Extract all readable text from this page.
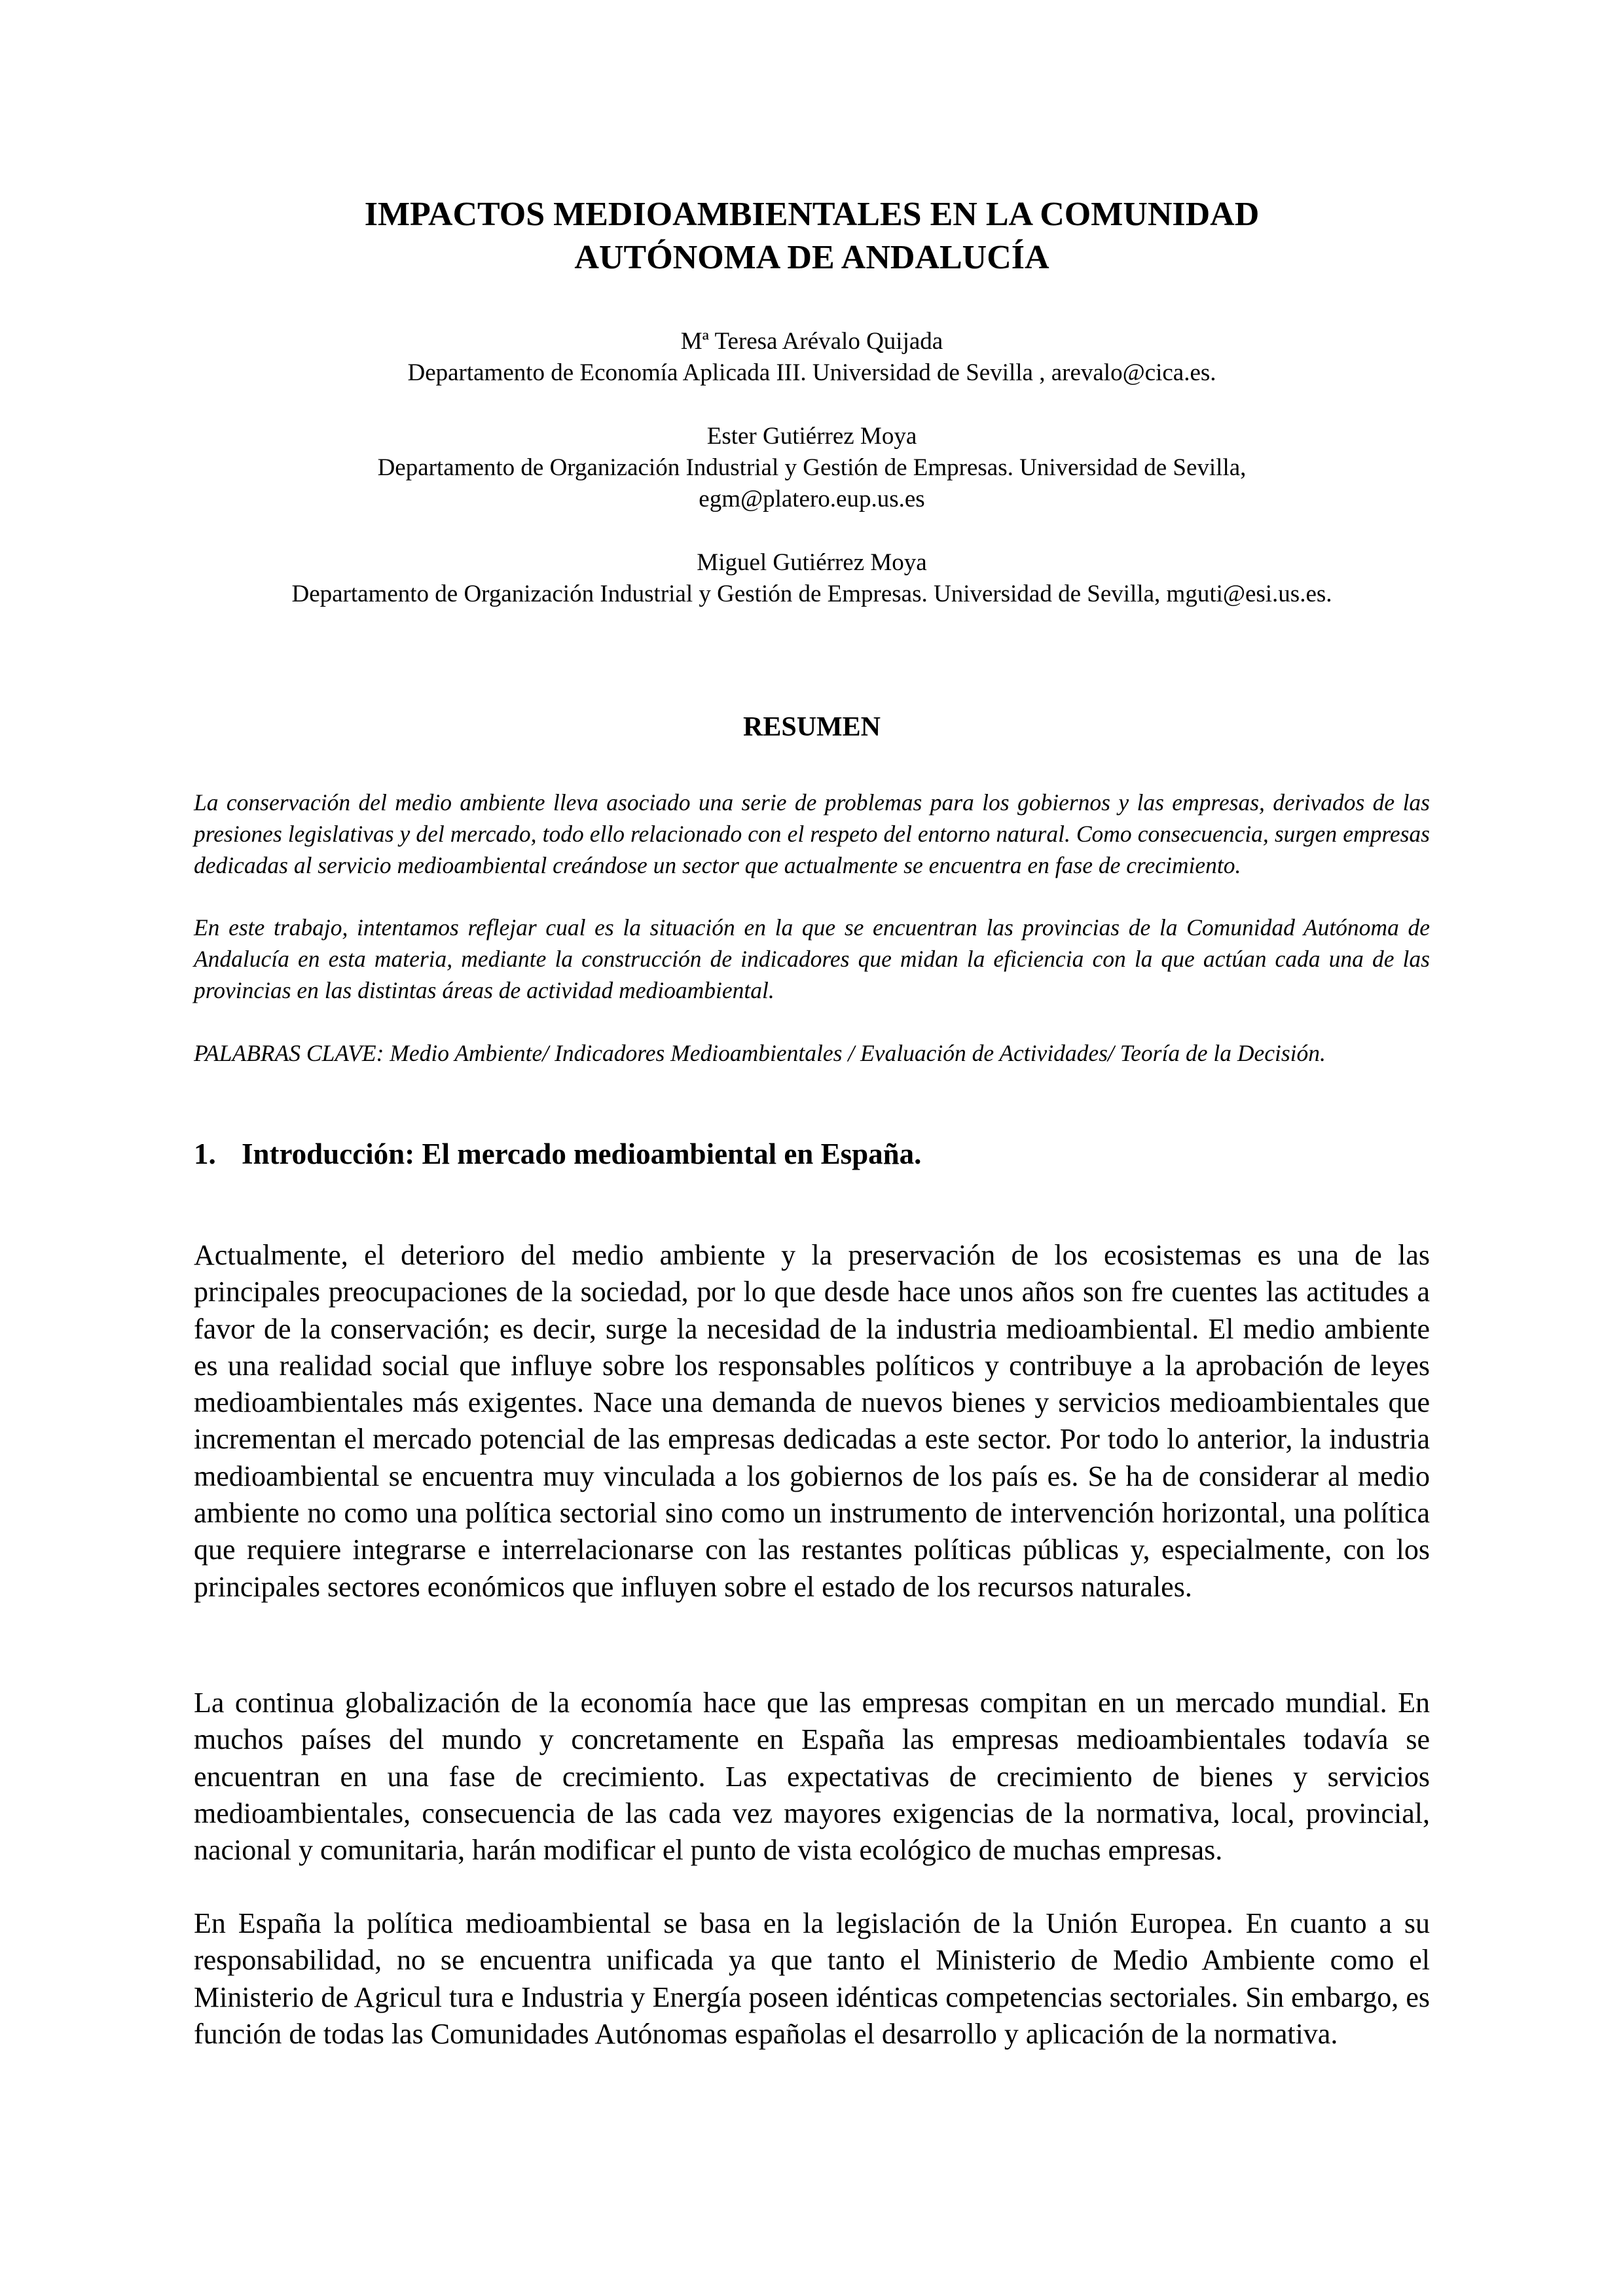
IMPACTOS MEDIOAMBIENTALES EN LA COMUNIDAD
AUTÓNOMA DE ANDALUCÍA
Mª Teresa Arévalo Quijada
Departamento de Economía Aplicada III. Universidad de Sevilla , arevalo@cica.es.
Ester Gutiérrez Moya
Departamento de Organización Industrial y Gestión de Empresas. Universidad de Sevilla,
egm@platero.eup.us.es
Miguel Gutiérrez Moya
Departamento de Organización Industrial y Gestión de Empresas. Universidad de Sevilla, mguti@esi.us.es.
RESUMEN

La conservación del medio ambiente lleva asociado una serie de problemas para los gobiernos y las empresas, derivados de las presiones legislativas y del mercado, todo ello relacionado con el respeto del entorno natural. Como consecuencia, surgen empresas dedicadas al servicio medioambiental creándose un sector que actualmente se encuentra en fase de crecimiento.

En este trabajo, intentamos reflejar cual es la situación en la que se encuentran las provincias de la Comunidad Autónoma de Andalucía en esta materia, mediante la construcción de indicadores que midan la eficiencia con la que actúan cada una de las provincias en las distintas áreas de actividad medioambiental.

PALABRAS CLAVE: Medio Ambiente/ Indicadores Medioambientales / Evaluación de Actividades/ Teoría de la Decisión.

1. Introducción: El mercado medioambiental en España.

Actualmente, el deterioro del medio ambiente y la preservación de los ecosistemas es una de las principales preocupaciones de la sociedad, por lo que desde hace unos años son fre cuentes las actitudes a favor de la conservación; es decir, surge la necesidad de la industria medioambiental. El medio ambiente es una realidad social que influye sobre los responsables políticos y contribuye a la aprobación de leyes medioambientales más exigentes. Nace una demanda de nuevos bienes y servicios medioambientales que incrementan el mercado potencial de las empresas dedicadas a este sector. Por todo lo anterior, la industria medioambiental se encuentra muy vinculada a los gobiernos de los país es. Se ha de considerar al medio ambiente no como una política sectorial sino como un instrumento de intervención horizontal, una política que requiere integrarse e interrelacionarse con las restantes políticas públicas y, especialmente, con los principales sectores económicos que influyen sobre el estado de los recursos naturales.

La continua globalización de la economía hace que las empresas compitan en un mercado mundial. En muchos países del mundo y concretamente en España las empresas medioambientales todavía se encuentran en una fase de crecimiento. Las expectativas de crecimiento de bienes y servicios medioambientales, consecuencia de las cada vez mayores exigencias de la normativa, local, provincial, nacional y comunitaria, harán modificar el punto de vista ecológico de muchas empresas.

En España la política medioambiental se basa en la legislación de la Unión Europea. En cuanto a su responsabilidad, no se encuentra unificada ya que tanto el Ministerio de Medio Ambiente como el Ministerio de Agricul tura e Industria y Energía poseen idénticas competencias sectoriales. Sin embargo, es función de todas las Comunidades Autónomas españolas el desarrollo y aplicación de la normativa.
